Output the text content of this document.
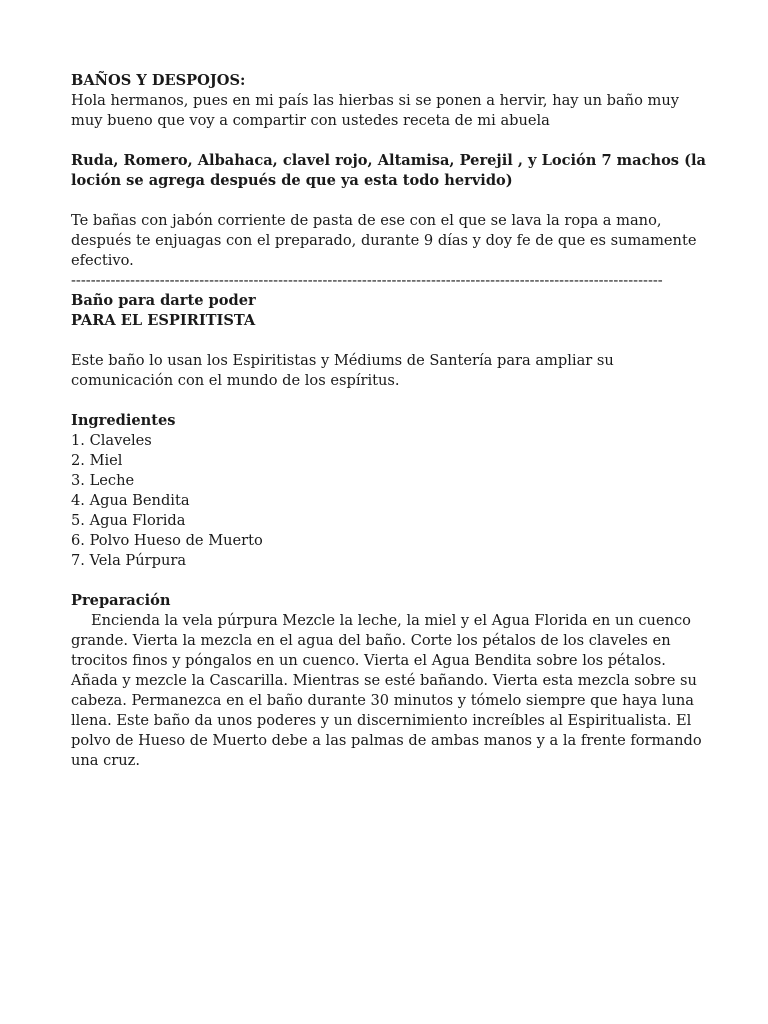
BAÑOS Y DESPOJOS:

Hola hermanos, pues en mi país las hierbas si se ponen a hervir, hay un baño muy muy bueno que voy a compartir con ustedes receta de mi abuela

Ruda, Romero, Albahaca, clavel rojo, Altamisa, Perejil , y Loción 7 machos (la loción se agrega después de que ya esta todo hervido)

Te bañas con jabón corriente de pasta de ese con el que se lava la ropa a mano, después te enjuagas con el preparado, durante 9 días y doy fe de que es sumamente efectivo.

------------------------------------------------------------------------------------------------------------------------

Baño para darte poder

PARA EL ESPIRITISTA

Este baño lo usan los Espiritistas y Médiums de Santería para ampliar su comunicación con el mundo de los espíritus.

Ingredientes

1. Claveles
2. Miel
3. Leche
4. Agua Bendita
5. Agua Florida
6. Polvo Hueso de Muerto
7. Vela Púrpura

Preparación

Encienda la vela púrpura Mezcle la leche, la miel y el Agua Florida en un cuenco grande. Vierta la mezcla en el agua del baño. Corte los pétalos de los claveles en trocitos finos y póngalos en un cuenco. Vierta el Agua Bendita sobre los pétalos. Añada y mezcle la Cascarilla. Mientras se esté bañando. Vierta esta mezcla sobre su cabeza. Permanezca en el baño durante 30 minutos y tómelo siempre que haya luna llena. Este baño da unos poderes y un discernimiento increíbles al Espiritualista. El polvo de Hueso de Muerto debe a las palmas de ambas manos y a la frente formando una cruz.
